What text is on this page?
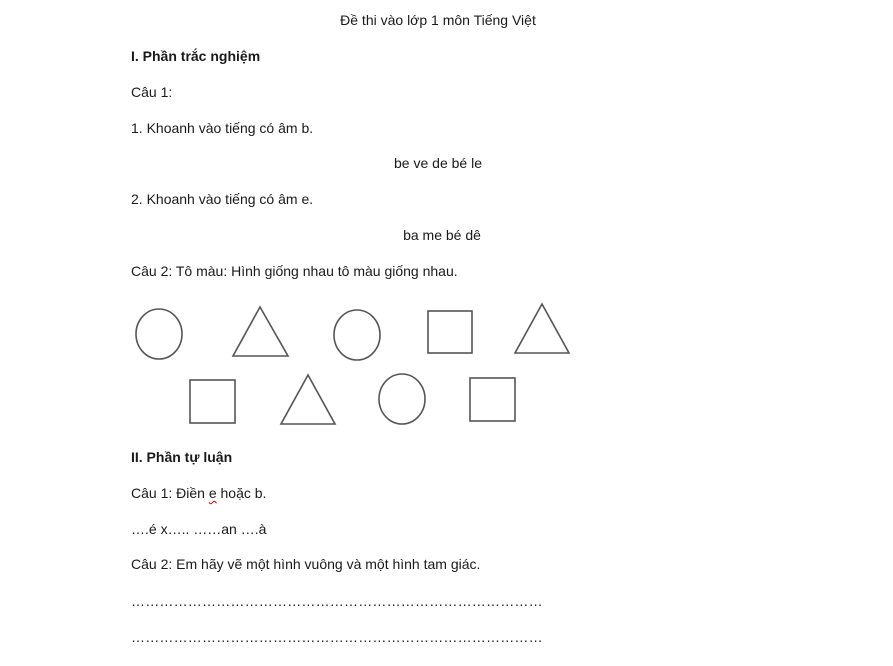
Đề thi vào lớp 1 môn Tiếng Việt
I. Phần trắc nghiệm
Câu 1:
1. Khoanh vào tiếng có âm b.
be ve de bé le
2. Khoanh vào tiếng có âm e.
ba me bé dê
Câu 2: Tô màu: Hình giống nhau tô màu giống nhau.
II. Phần tự luận
Câu 1: Điền e hoặc b.
….é x….. ……an ….à
Câu 2: Em hãy vẽ một hình vuông và một hình tam giác.
……………………………………………………………………………
……………………………………………………………………………
